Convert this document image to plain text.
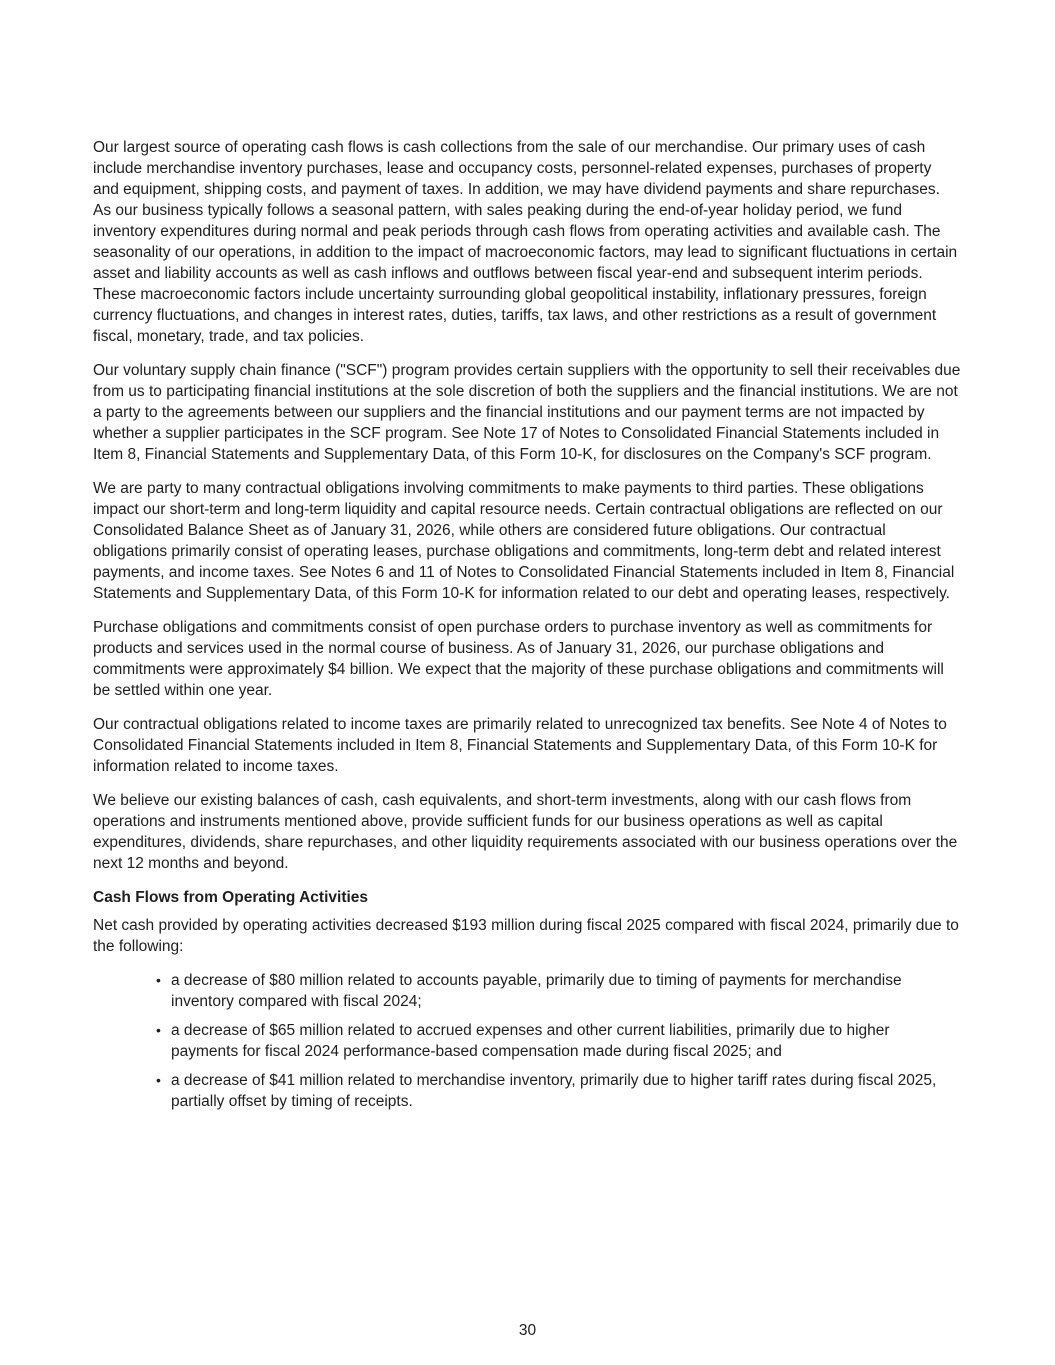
Our largest source of operating cash flows is cash collections from the sale of our merchandise. Our primary uses of cash include merchandise inventory purchases, lease and occupancy costs, personnel-related expenses, purchases of property and equipment, shipping costs, and payment of taxes. In addition, we may have dividend payments and share repurchases. As our business typically follows a seasonal pattern, with sales peaking during the end-of-year holiday period, we fund inventory expenditures during normal and peak periods through cash flows from operating activities and available cash. The seasonality of our operations, in addition to the impact of macroeconomic factors, may lead to significant fluctuations in certain asset and liability accounts as well as cash inflows and outflows between fiscal year-end and subsequent interim periods. These macroeconomic factors include uncertainty surrounding global geopolitical instability, inflationary pressures, foreign currency fluctuations, and changes in interest rates, duties, tariffs, tax laws, and other restrictions as a result of government fiscal, monetary, trade, and tax policies.

Our voluntary supply chain finance ("SCF") program provides certain suppliers with the opportunity to sell their receivables due from us to participating financial institutions at the sole discretion of both the suppliers and the financial institutions. We are not a party to the agreements between our suppliers and the financial institutions and our payment terms are not impacted by whether a supplier participates in the SCF program. See Note 17 of Notes to Consolidated Financial Statements included in Item 8, Financial Statements and Supplementary Data, of this Form 10-K, for disclosures on the Company's SCF program.

We are party to many contractual obligations involving commitments to make payments to third parties. These obligations impact our short-term and long-term liquidity and capital resource needs. Certain contractual obligations are reflected on our Consolidated Balance Sheet as of January 31, 2026, while others are considered future obligations. Our contractual obligations primarily consist of operating leases, purchase obligations and commitments, long-term debt and related interest payments, and income taxes. See Notes 6 and 11 of Notes to Consolidated Financial Statements included in Item 8, Financial Statements and Supplementary Data, of this Form 10-K for information related to our debt and operating leases, respectively.

Purchase obligations and commitments consist of open purchase orders to purchase inventory as well as commitments for products and services used in the normal course of business. As of January 31, 2026, our purchase obligations and commitments were approximately $4 billion. We expect that the majority of these purchase obligations and commitments will be settled within one year.

Our contractual obligations related to income taxes are primarily related to unrecognized tax benefits. See Note 4 of Notes to Consolidated Financial Statements included in Item 8, Financial Statements and Supplementary Data, of this Form 10-K for information related to income taxes.

We believe our existing balances of cash, cash equivalents, and short-term investments, along with our cash flows from operations and instruments mentioned above, provide sufficient funds for our business operations as well as capital expenditures, dividends, share repurchases, and other liquidity requirements associated with our business operations over the next 12 months and beyond.

Cash Flows from Operating Activities

Net cash provided by operating activities decreased $193 million during fiscal 2025 compared with fiscal 2024, primarily due to the following:

• a decrease of $80 million related to accounts payable, primarily due to timing of payments for merchandise inventory compared with fiscal 2024;
• a decrease of $65 million related to accrued expenses and other current liabilities, primarily due to higher payments for fiscal 2024 performance-based compensation made during fiscal 2025; and
• a decrease of $41 million related to merchandise inventory, primarily due to higher tariff rates during fiscal 2025, partially offset by timing of receipts.
30
